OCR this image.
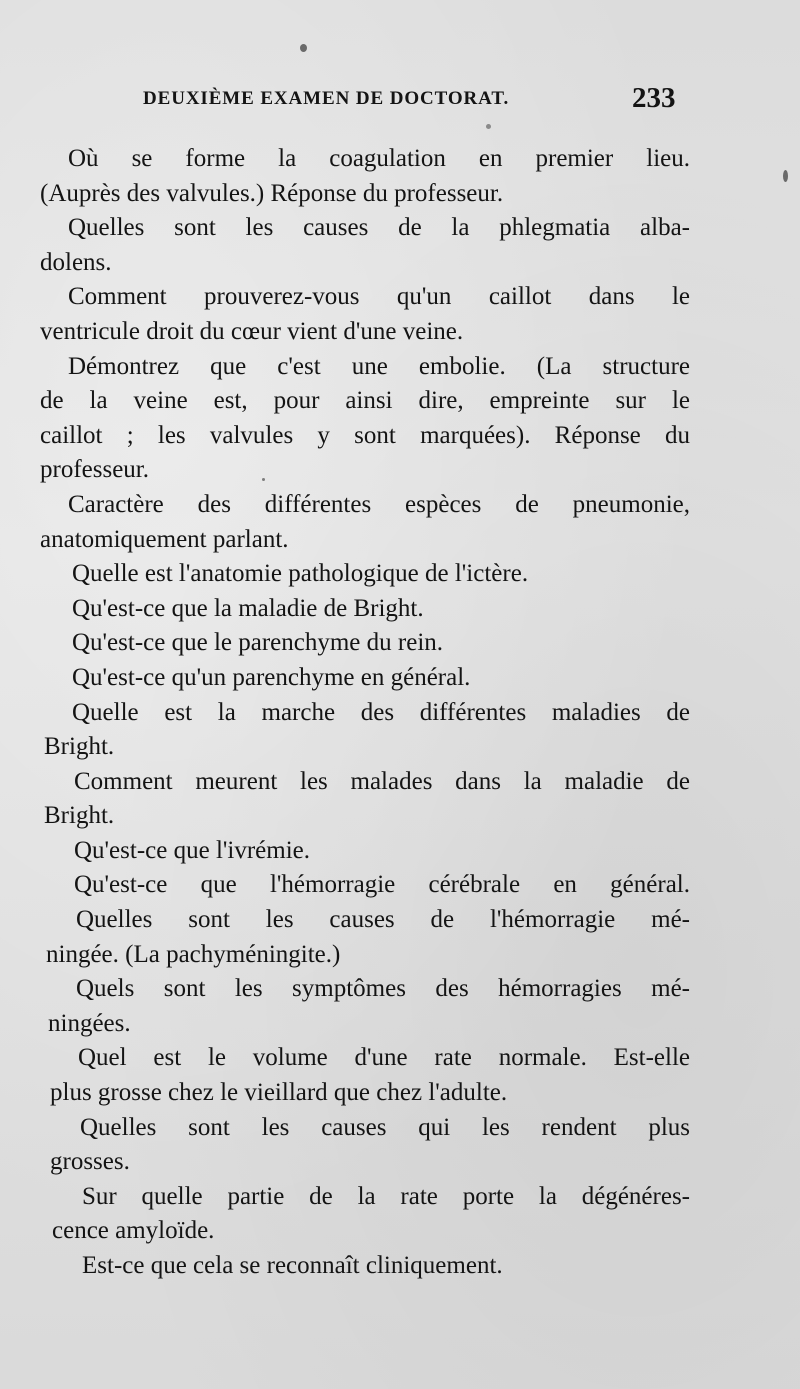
DEUXIÈME EXAMEN DE DOCTORAT.	233
Où se forme la coagulation en premier lieu.
(Auprès des valvules.) Réponse du professeur.
Quelles sont les causes de la phlegmatia alba-
dolens.
Comment prouverez-vous qu'un caillot dans le
ventricule droit du cœur vient d'une veine.
Démontrez que c'est une embolie. (La structure
de la veine est, pour ainsi dire, empreinte sur le
caillot ; les valvules y sont marquées). Réponse du
professeur.
Caractère des différentes espèces de pneumonie,
anatomiquement parlant.
Quelle est l'anatomie pathologique de l'ictère.
Qu'est-ce que la maladie de Bright.
Qu'est-ce que le parenchyme du rein.
Qu'est-ce qu'un parenchyme en général.
Quelle est la marche des différentes maladies de
Bright.
Comment meurent les malades dans la maladie de
Bright.
Qu'est-ce que l'ivrémie.
Qu'est-ce que l'hémorragie cérébrale en général.
Quelles sont les causes de l'hémorragie mé-
ningée. (La pachyméningite.)
Quels sont les symptômes des hémorragies mé-
ningées.
Quel est le volume d'une rate normale. Est-elle
plus grosse chez le vieillard que chez l'adulte.
Quelles sont les causes qui les rendent plus
grosses.
Sur quelle partie de la rate porte la dégénéres-
cence amyloïde.
Est-ce que cela se reconnaît cliniquement.
